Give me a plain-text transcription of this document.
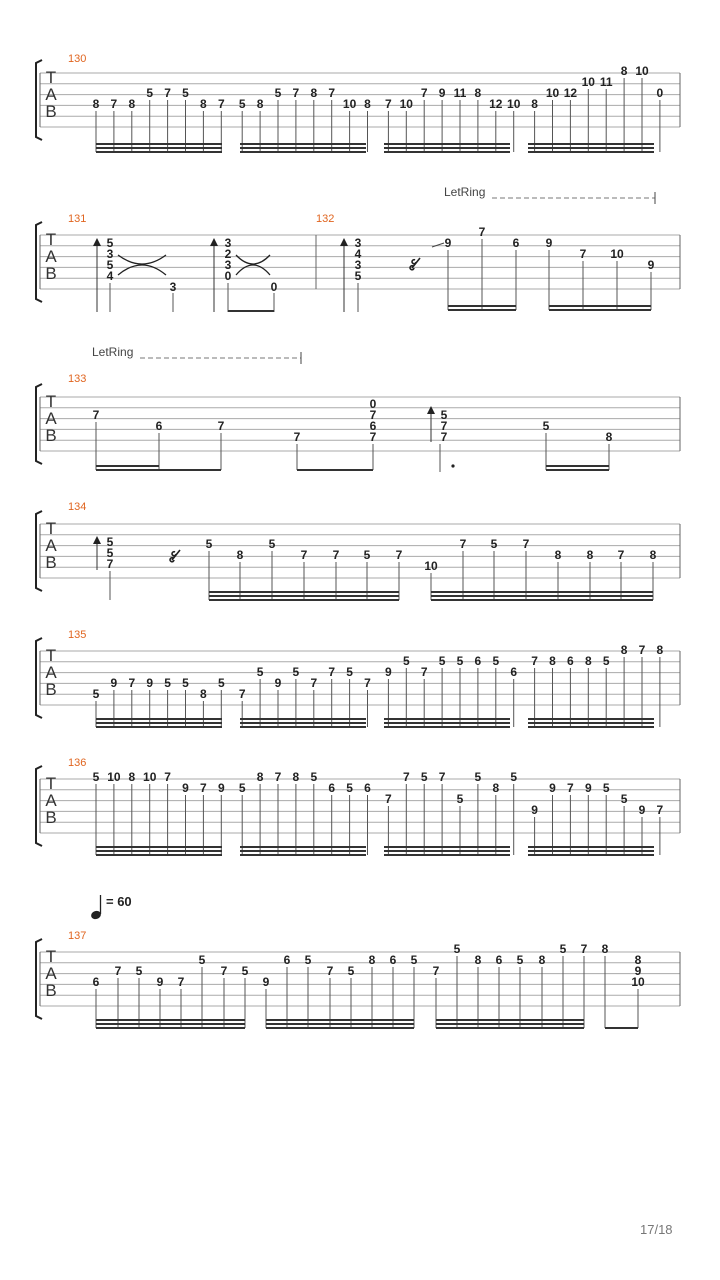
T
A
B
T
A
B
T
A
B
T
A
B
T
A
B
T
A
B
T
A
B
130
8 7 8
5 7 5
8 7 5 8
5 7 8 7
10 8 7 10
7 9 11 8
12 10 8
10 12
10 11
8 10
0
131	132
LetRing
5
3
5
4
3
2
3
0
3
4
3
5
3	0
9
7
6 9
7 10
9
133
LetRing
7
6	7
7
0
7
6
7
5
7
7
5
8
134
5
5
7
5
8
5
7 7 5 7
10
7 5 7
8 8 7 8
135
5
9 7 9 5 5
8
5
7
5
9
5
7
7 5
7
9
5
7
5 5 6 5
6
7 8 6 8 5
8 7 8
136
5 10 8 10 7
9 7 9 5
8 7 8 5
6 5 6
7
7 5 7
5
5
8
5
9
9 7 9 5
5
9 7
137
= 60
6
7 5
9 7
5
7 5
9
6 5
7 5
8 6 5
7
5
8 6 5 8
5 7 8
8
9
10
17/18
